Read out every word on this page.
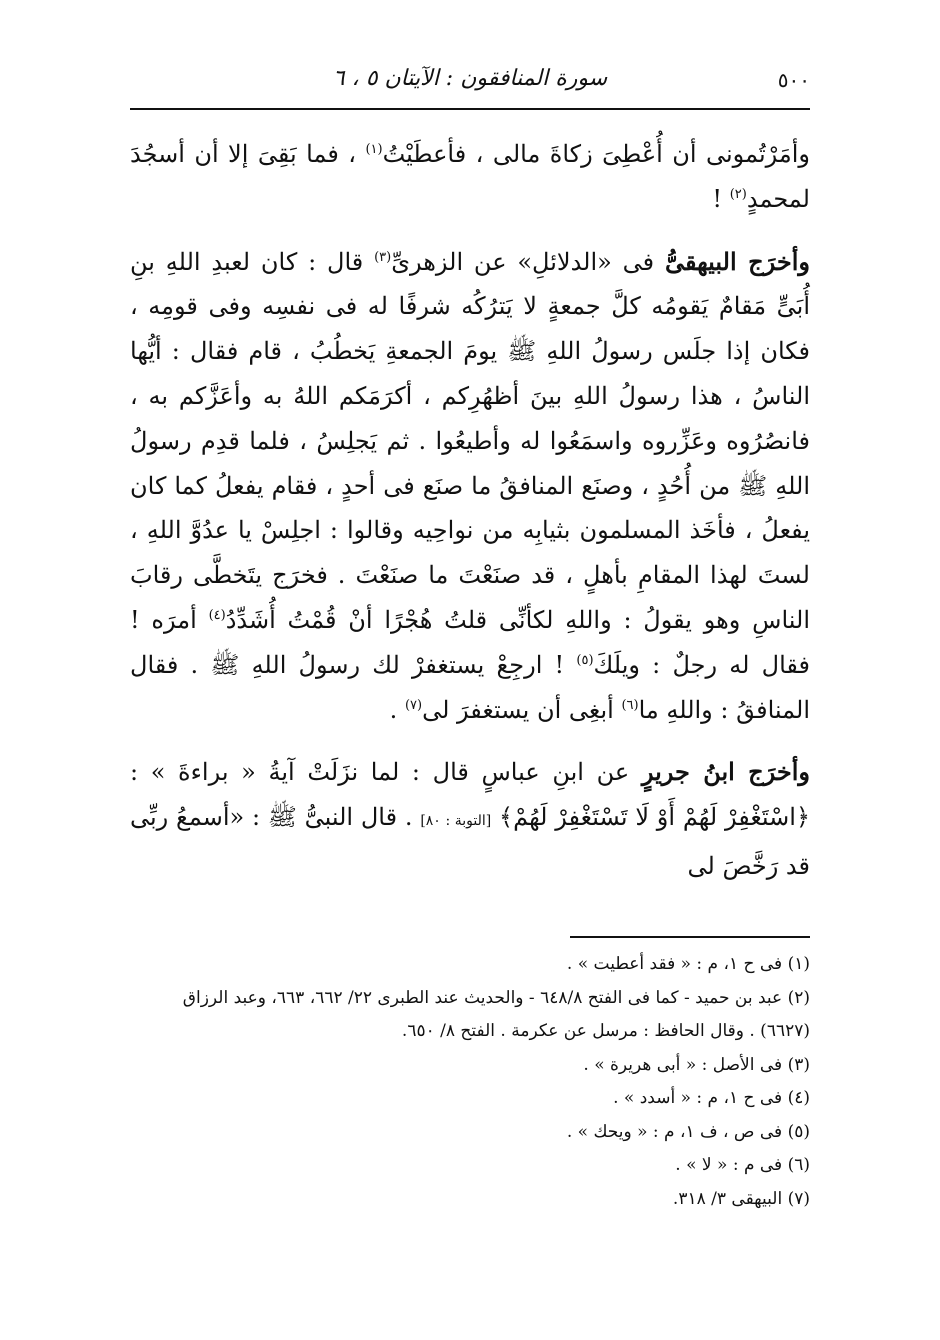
٥٠٠
سورة المنافقون : الآيتان ٥ ، ٦

وأمَرْتُمونى أن أُعْطِىَ زكاةَ مالى ، فأعطَيْتُ$^{(١)}$ ، فما بَقِىَ إلا أن أسجُدَ لمحمدٍ$^{(٢)}$ !

وأخرَج البيهقىُّ فى «الدلائلِ» عن الزهرىِّ$^{(٣)}$ قال : كان لعبدِ اللهِ بنِ أُبَىٍّ مَقامٌ يَقومُه كلَّ جمعةٍ لا يَترُكُه شرفًا له فى نفسِه وفى قومِه ، فكان إذا جلَس رسولُ اللهِ ﷺ يومَ الجمعةِ يَخطُبُ ، قام فقال : أيُّها الناسُ ، هذا رسولُ اللهِ بينَ أظهُرِكم ، أكرَمَكم اللهُ به وأعَزَّكم به ، فانصُرُوه وعَزِّروه واسمَعُوا له وأطيعُوا . ثم يَجلِسُ ، فلما قدِم رسولُ اللهِ ﷺ من أُحُدٍ ، وصنَع المنافقُ ما صنَع فى أحدٍ ، فقام يفعلُ كما كان يفعلُ ، فأخَذ المسلمون بثيابِه من نواحِيه وقالوا : اجلِسْ يا عدُوَّ اللهِ ، لستَ لهذا المقامِ بأهلٍ ، قد صنَعْتَ ما صنَعْتَ . فخرَج يتَخطَّى رقابَ الناسِ وهو يقولُ : واللهِ لكأنِّى قلتُ هُجْرًا أنْ قُمْتُ أُشَدِّدُ$^{(٤)}$ أمرَه ! فقال له رجلٌ : ويلَكَ$^{(٥)}$ ! ارجِعْ يستغفرْ لك رسولُ اللهِ ﷺ . فقال المنافقُ : واللهِ ما$^{(٦)}$ أبغِى أن يستغفرَ لى$^{(٧)}$ .

وأخرَج ابنُ جريرٍ عن ابنِ عباسٍ قال : لما نزَلَتْ آيةُ « براءةَ » : ﴿اسْتَغْفِرْ لَهُمْ أَوْ لَا تَسْتَغْفِرْ لَهُمْ﴾ [التوبة : ٨٠] . قال النبىُّ ﷺ : «أسمعُ ربِّى قد رَخَّصَ لى

(١) فى ح ١، م : « فقد أعطيت » .

(٢) عبد بن حميد - كما فى الفتح ٦٤٨/٨ - والحديث عند الطبرى ٢٢/ ٦٦٢، ٦٦٣، وعبد الرزاق (٦٦٢٧) . وقال الحافظ : مرسل عن عكرمة . الفتح ٨/ ٦٥٠.

(٣) فى الأصل : « أبى هريرة » .

(٤) فى ح ١، م : « أسدد » .

(٥) فى ص ، ف ١، م : « ويحك » .

(٦) فى م : « لا » .

(٧) البيهقى ٣/ ٣١٨.
